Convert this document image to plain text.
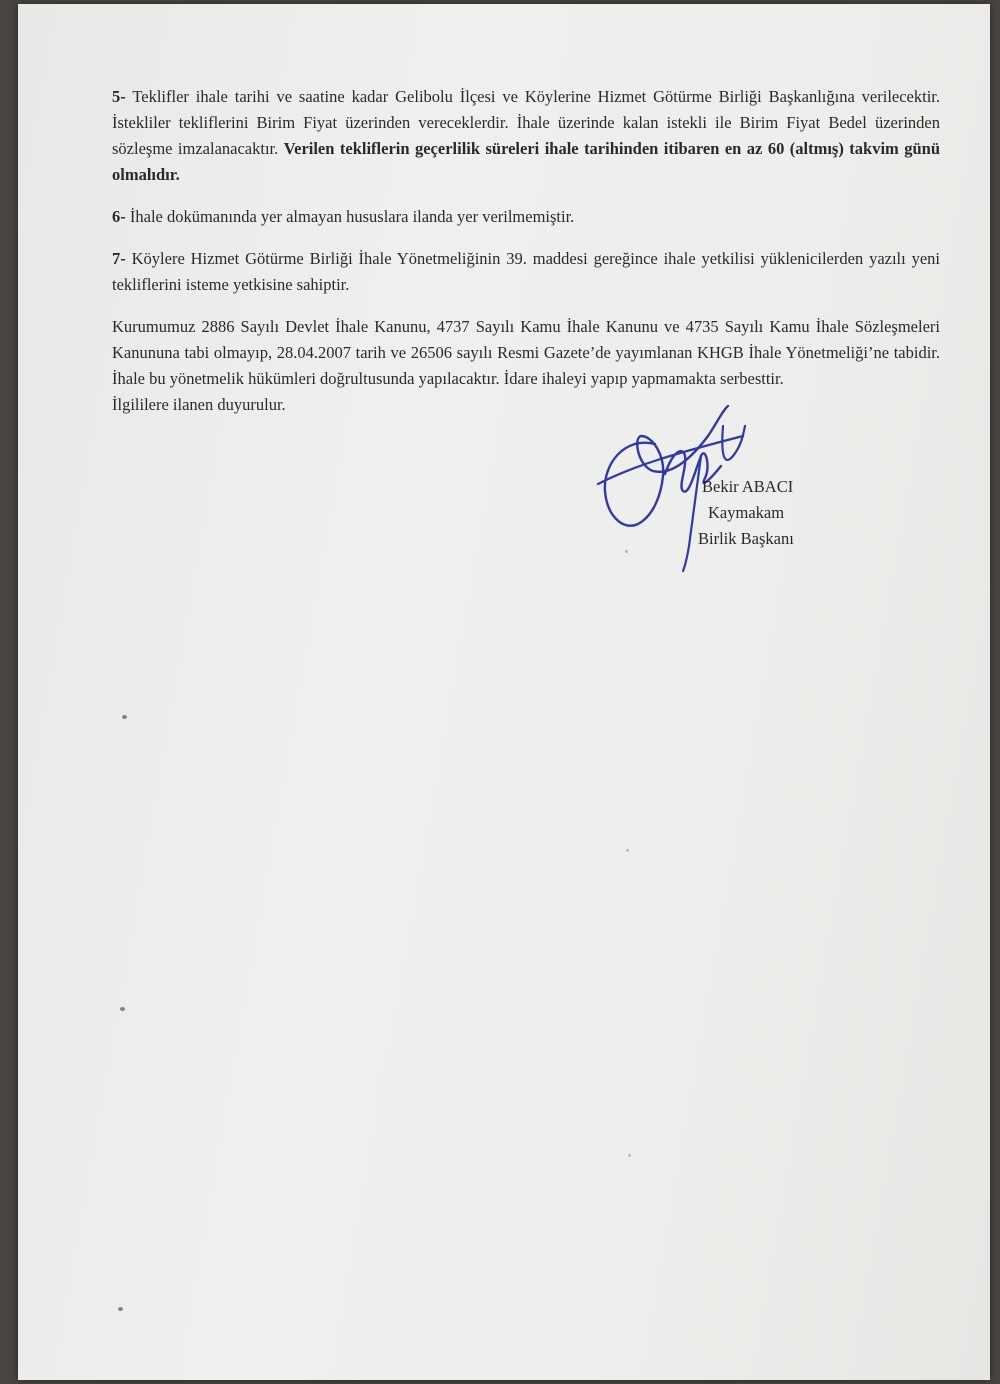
5- Teklifler ihale tarihi ve saatine kadar Gelibolu İlçesi ve Köylerine Hizmet Götürme Birliği Başkanlığına verilecektir. İstekliler tekliflerini Birim Fiyat üzerinden vereceklerdir. İhale üzerinde kalan istekli ile Birim Fiyat Bedel üzerinden sözleşme imzalanacaktır. Verilen tekliflerin geçerlilik süreleri ihale tarihinden itibaren en az 60 (altmış) takvim günü olmalıdır.

6- İhale dokümanında yer almayan hususlara ilanda yer verilmemiştir.

7- Köylere Hizmet Götürme Birliği İhale Yönetmeliğinin 39. maddesi gereğince ihale yetkilisi yüklenicilerden yazılı yeni tekliflerini isteme yetkisine sahiptir.

Kurumumuz 2886 Sayılı Devlet İhale Kanunu, 4737 Sayılı Kamu İhale Kanunu ve 4735 Sayılı Kamu İhale Sözleşmeleri Kanununa tabi olmayıp, 28.04.2007 tarih ve 26506 sayılı Resmi Gazete’de yayımlanan KHGB İhale Yönetmeliği’ne tabidir. İhale bu yönetmelik hükümleri doğrultusunda yapılacaktır. İdare ihaleyi yapıp yapmamakta serbesttir.

İlgililere ilanen duyurulur.

Bekir ABACI
Kaymakam
Birlik Başkanı
